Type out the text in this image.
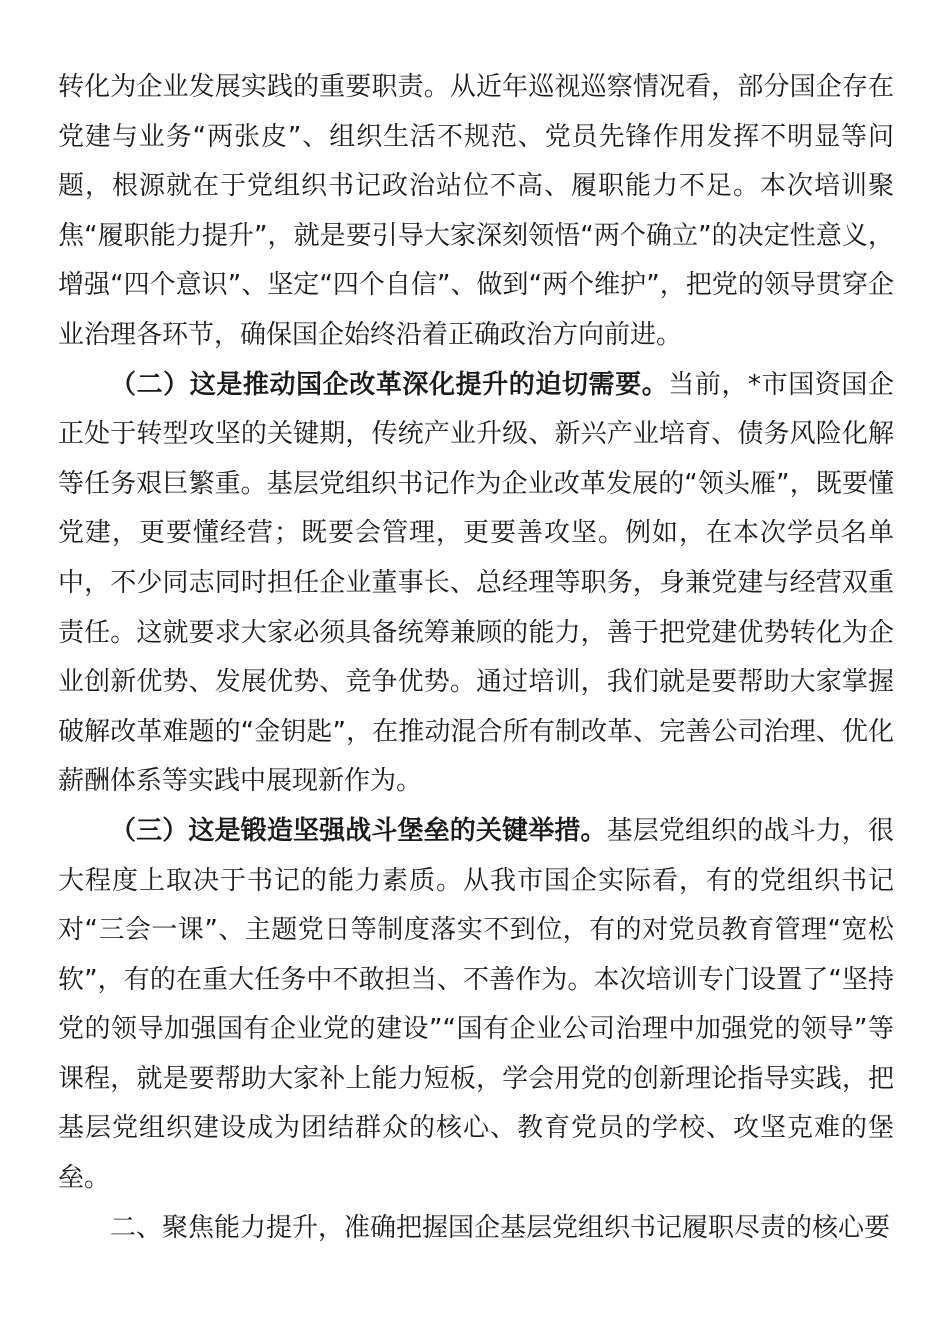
转化为企业发展实践的重要职责。从近年巡视巡察情况看，部分国企存在党建与业务“两张皮”、组织生活不规范、党员先锋作用发挥不明显等问题，根源就在于党组织书记政治站位不高、履职能力不足。本次培训聚焦“履职能力提升”，就是要引导大家深刻领悟“两个确立”的决定性意义，增强“四个意识”、坚定“四个自信”、做到“两个维护”，把党的领导贯穿企业治理各环节，确保国企始终沿着正确政治方向前进。

（二）这是推动国企改革深化提升的迫切需要。当前，*市国资国企正处于转型攻坚的关键期，传统产业升级、新兴产业培育、债务风险化解等任务艰巨繁重。基层党组织书记作为企业改革发展的“领头雁”，既要懂党建，更要懂经营；既要会管理，更要善攻坚。例如，在本次学员名单中，不少同志同时担任企业董事长、总经理等职务，身兼党建与经营双重责任。这就要求大家必须具备统筹兼顾的能力，善于把党建优势转化为企业创新优势、发展优势、竞争优势。通过培训，我们就是要帮助大家掌握破解改革难题的“金钥匙”，在推动混合所有制改革、完善公司治理、优化薪酬体系等实践中展现新作为。

（三）这是锻造坚强战斗堡垒的关键举措。基层党组织的战斗力，很大程度上取决于书记的能力素质。从我市国企实际看，有的党组织书记对“三会一课”、主题党日等制度落实不到位，有的对党员教育管理“宽松软”，有的在重大任务中不敢担当、不善作为。本次培训专门设置了“坚持党的领导加强国有企业党的建设”“国有企业公司治理中加强党的领导”等课程，就是要帮助大家补上能力短板，学会用党的创新理论指导实践，把基层党组织建设成为团结群众的核心、教育党员的学校、攻坚克难的堡垒。

二、聚焦能力提升，准确把握国企基层党组织书记履职尽责的核心要
